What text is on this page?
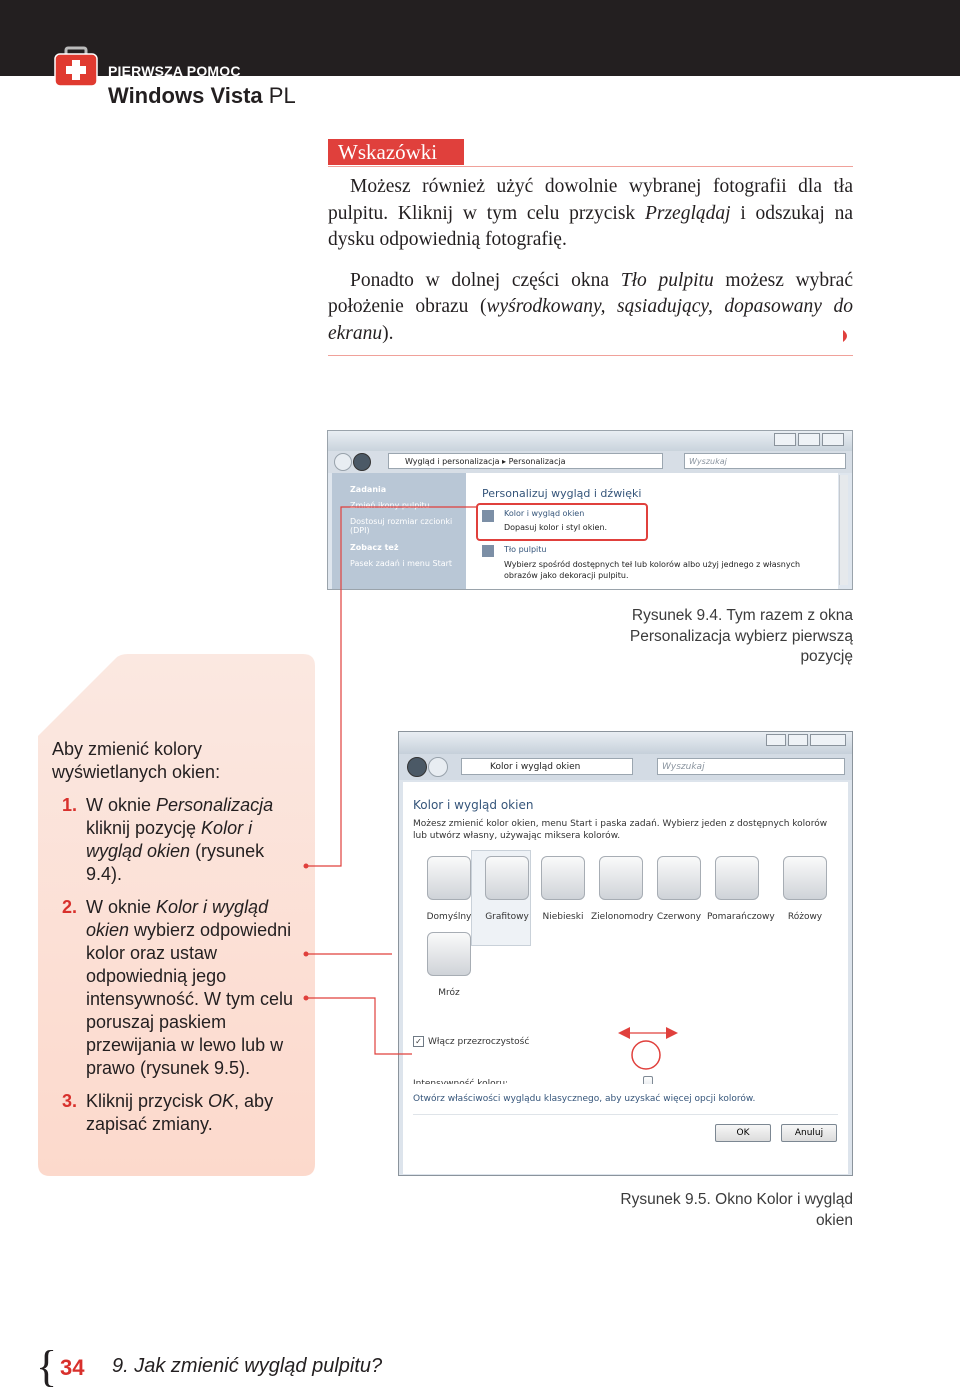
PIERWSZA POMOC
Windows Vista PL
Wskazówki

Możesz również użyć dowolnie wybranej fotografii dla tła pulpitu. Kliknij w tym celu przycisk Przeglądaj i odszukaj na dysku odpowiednią fotografię.

Ponadto w dolnej części okna Tło pulpitu możesz wybrać położenie obrazu (wyśrodkowany, sąsiadujący, dopasowany do ekranu).

Aby zmienić kolory wyświetlanych okien:
1. W oknie Personalizacja kliknij pozycję Kolor i wygląd okien (rysunek 9.4).
2. W oknie Kolor i wygląd okien wybierz odpowiedni kolor oraz ustaw odpowiednią jego intensywność. W tym celu poruszaj paskiem przewijania w lewo lub w prawo (rysunek 9.5).
3. Kliknij przycisk OK, aby zapisać zmiany.
Wygląd i personalizacja ▸ Personalizacja	Wyszukaj
Zadania
Zmień ikony pulpitu
Dostosuj rozmiar czcionki (DPI)
Zobacz też
Pasek zadań i menu Start
Personalizuj wygląd i dźwięki
Kolor i wygląd okien
Dopasuj kolor i styl okien.
Tło pulpitu
Wybierz spośród dostępnych teł lub kolorów albo użyj jednego z własnych obrazów jako dekoracji pulpitu.
Rysunek 9.4. Tym razem z okna Personalizacja wybierz pierwszą pozycję
Kolor i wygląd okien	Wyszukaj
Kolor i wygląd okien
Możesz zmienić kolor okien, menu Start i paska zadań. Wybierz jeden z dostępnych kolorów lub utwórz własny, używając miksera kolorów.
Domyślny	Grafitowy	Niebieski Zielonomodry Czerwony Pomarańczowy	Różowy
Mróz
✓ Włącz przezroczystość
Otwórz właściwości wyglądu klasycznego, aby uzyskać więcej opcji kolorów.
OK	Anuluj
Rysunek 9.5. Okno Kolor i wygląd okien
{ 34 9. Jak zmienić wygląd pulpitu?
